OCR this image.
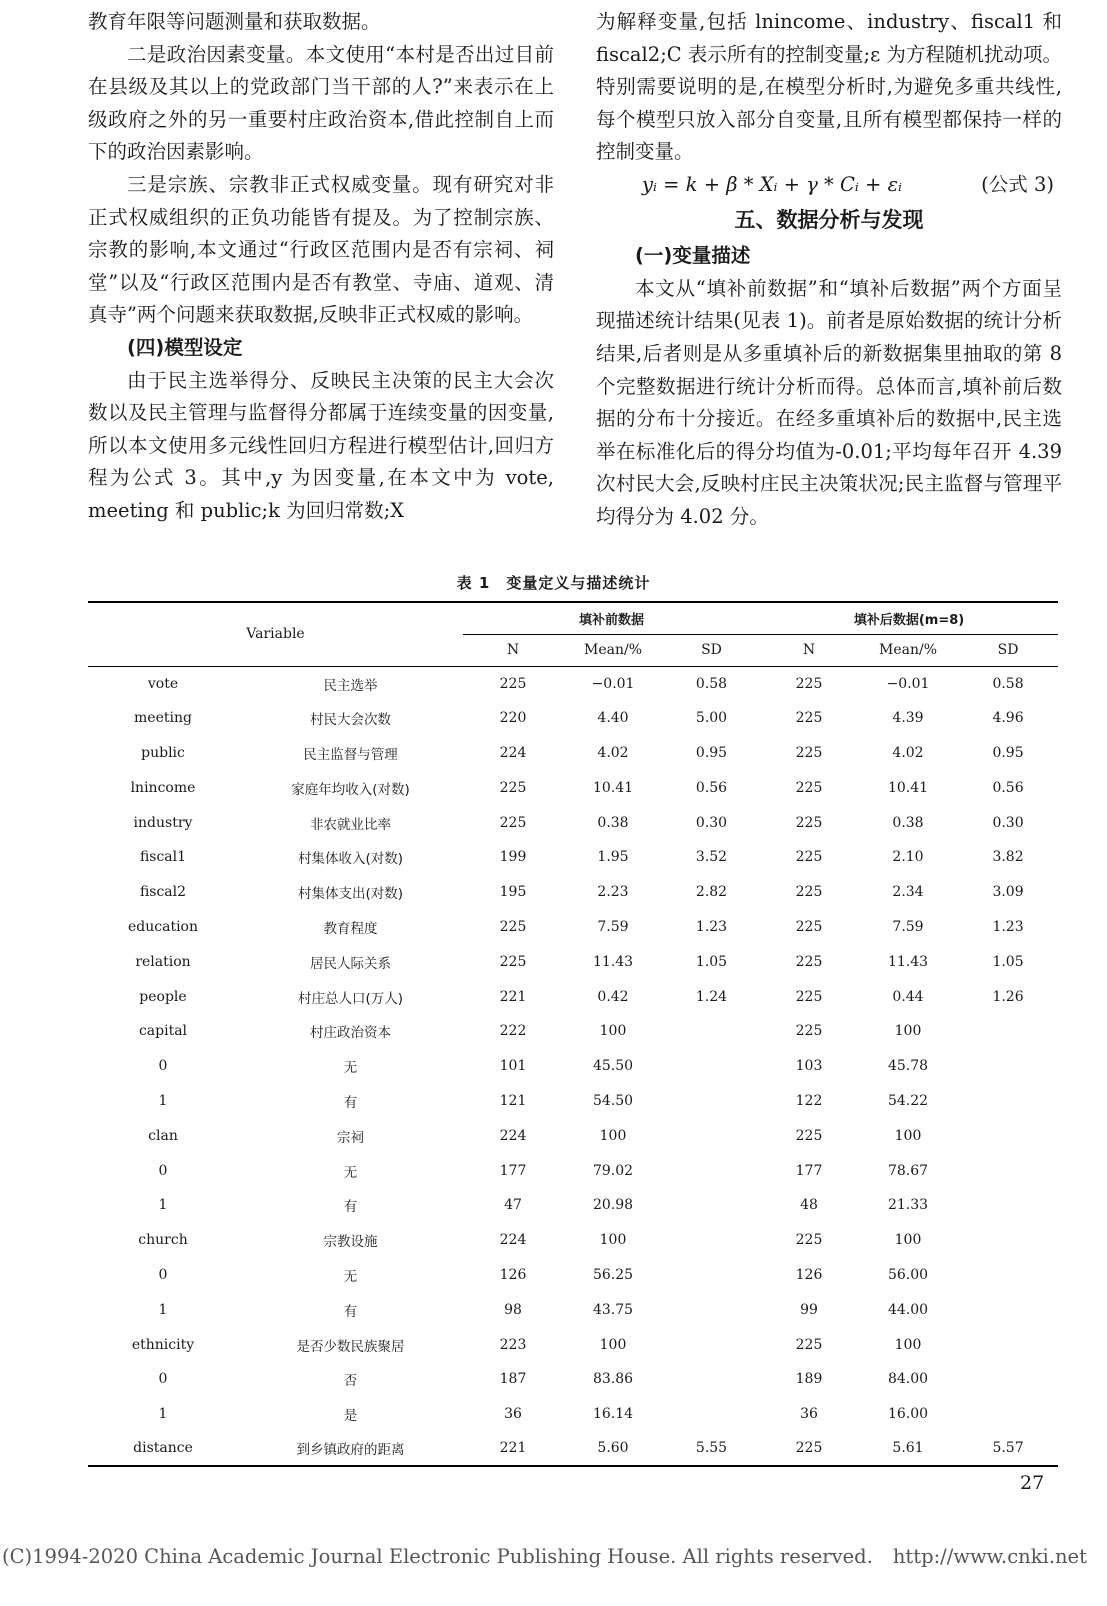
教育年限等问题测量和获取数据。

二是政治因素变量。本文使用“本村是否出过目前在县级及其以上的党政部门当干部的人?”来表示在上级政府之外的另一重要村庄政治资本,借此控制自上而下的政治因素影响。

三是宗族、宗教非正式权威变量。现有研究对非正式权威组织的正负功能皆有提及。为了控制宗族、宗教的影响,本文通过“行政区范围内是否有宗祠、祠堂”以及“行政区范围内是否有教堂、寺庙、道观、清真寺”两个问题来获取数据,反映非正式权威的影响。

(四)模型设定

由于民主选举得分、反映民主决策的民主大会次数以及民主管理与监督得分都属于连续变量的因变量,所以本文使用多元线性回归方程进行模型估计,回归方程为公式 3。其中,y 为因变量,在本文中为 vote, meeting 和 public;k 为回归常数;X

为解释变量,包括 lnincome、industry、fiscal1 和 fiscal2;C 表示所有的控制变量;ε 为方程随机扰动项。特别需要说明的是,在模型分析时,为避免多重共线性,每个模型只放入部分自变量,且所有模型都保持一样的控制变量。

yᵢ = k + β * Xᵢ + γ * Cᵢ + εᵢ	(公式 3)
五、数据分析与发现

(一)变量描述

本文从“填补前数据”和“填补后数据”两个方面呈现描述统计结果(见表 1)。前者是原始数据的统计分析结果,后者则是从多重填补后的新数据集里抽取的第 8 个完整数据进行统计分析而得。总体而言,填补前后数据的分布十分接近。在经多重填补后的数据中,民主选举在标准化后的得分均值为-0.01;平均每年召开 4.39 次村民大会,反映村庄民主决策状况;民主监督与管理平均得分为 4.02 分。

表 1　变量定义与描述统计
Variable		填补前数据			填补后数据(m=8)		
		N	Mean/%	SD	N	Mean/%	SD
vote	民主选举	225	−0.01	0.58	225	−0.01	0.58
meeting	村民大会次数	220	4.40	5.00	225	4.39	4.96
public	民主监督与管理	224	4.02	0.95	225	4.02	0.95
lnincome	家庭年均收入(对数)	225	10.41	0.56	225	10.41	0.56
industry	非农就业比率	225	0.38	0.30	225	0.38	0.30
fiscal1	村集体收入(对数)	199	1.95	3.52	225	2.10	3.82
fiscal2	村集体支出(对数)	195	2.23	2.82	225	2.34	3.09
education	教育程度	225	7.59	1.23	225	7.59	1.23
relation	居民人际关系	225	11.43	1.05	225	11.43	1.05
people	村庄总人口(万人)	221	0.42	1.24	225	0.44	1.26
capital	村庄政治资本	222	100		225	100	
0	无	101	45.50		103	45.78	
1	有	121	54.50		122	54.22	
clan	宗祠	224	100		225	100	
0	无	177	79.02		177	78.67	
1	有	47	20.98		48	21.33	
church	宗教设施	224	100		225	100	
0	无	126	56.25		126	56.00	
1	有	98	43.75		99	44.00	
ethnicity	是否少数民族聚居	223	100		225	100	
0	否	187	83.86		189	84.00	
1	是	36	16.14		36	16.00	
distance	到乡镇政府的距离	221	5.60	5.55	225	5.61	5.57
27
(C)1994-2020 China Academic Journal Electronic Publishing House. All rights reserved. http://www.cnki.net
